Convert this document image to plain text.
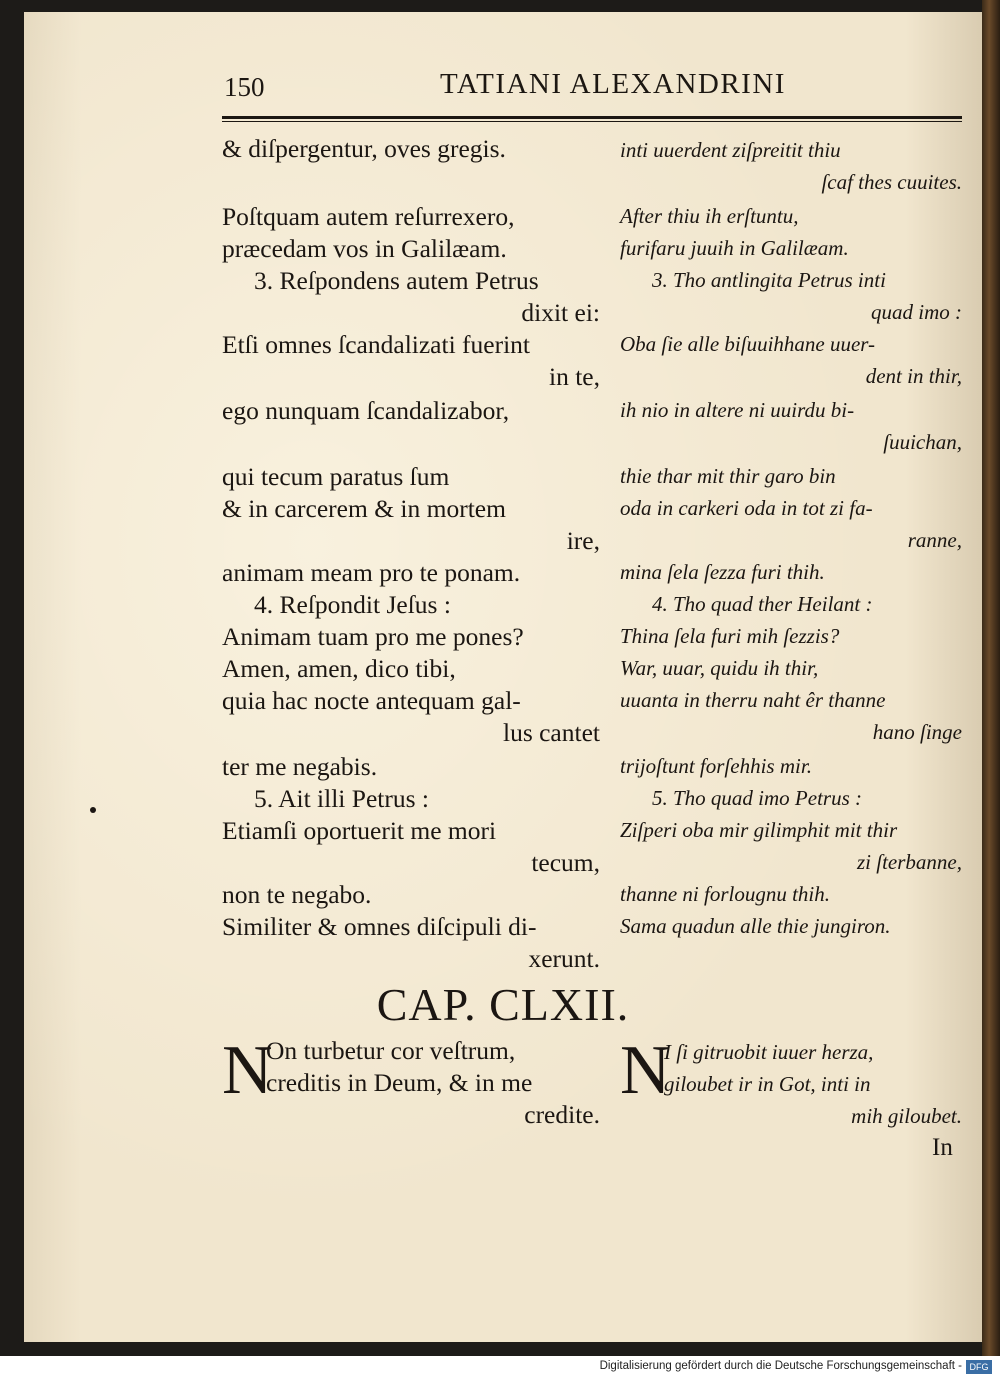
150	TATIANI ALEXANDRINI
& diſpergentur, oves gregis.
Poſtquam autem reſurrexero,
præcedam vos in Galilæam.
3. Reſpondens autem Petrus
dixit ei:
Etſi omnes ſcandalizati fuerint
in te,
ego nunquam ſcandalizabor,
qui tecum paratus ſum
& in carcerem & in mortem
ire,
animam meam pro te ponam.
4. Reſpondit Jeſus :
Animam tuam pro me pones?
Amen, amen, dico tibi,
quia hac nocte antequam gal-
lus cantet
ter me negabis.
5. Ait illi Petrus :
Etiamſi oportuerit me mori
tecum,
non te negabo.
Similiter & omnes diſcipuli di-
xerunt.
inti uuerdent ziſpreitit thiu
ſcaf thes cuuites.
After thiu ih erſtuntu,
furifaru juuih in Galilæam.
3. Tho antlingita Petrus inti
quad imo :
Oba ſie alle biſuuihhane uuer-
dent in thir,
ih nio in altere ni uuirdu bi-
ſuuichan,
thie thar mit thir garo bin
oda in carkeri oda in tot zi fa-
ranne,
mina ſela ſezza furi thih.
4. Tho quad ther Heilant :
Thina ſela furi mih ſezzis?
War, uuar, quidu ih thir,
uuanta in therru naht êr thanne
hano ſinge
trijoſtunt forſehhis mir.
5. Tho quad imo Petrus :
Ziſperi oba mir gilimphit mit thir
zi ſterbanne,
thanne ni forlougnu thih.
Sama quadun alle thie jungiron.
CAP. CLXII.
N
On turbetur cor veſtrum,
creditis in Deum, & in me
credite.
N
I ſi gitruobit iuuer herza,
giloubet ir in Got, inti in
mih giloubet.
In
Digitalisierung gefördert durch die Deutsche Forschungsgemeinschaft - DFG
